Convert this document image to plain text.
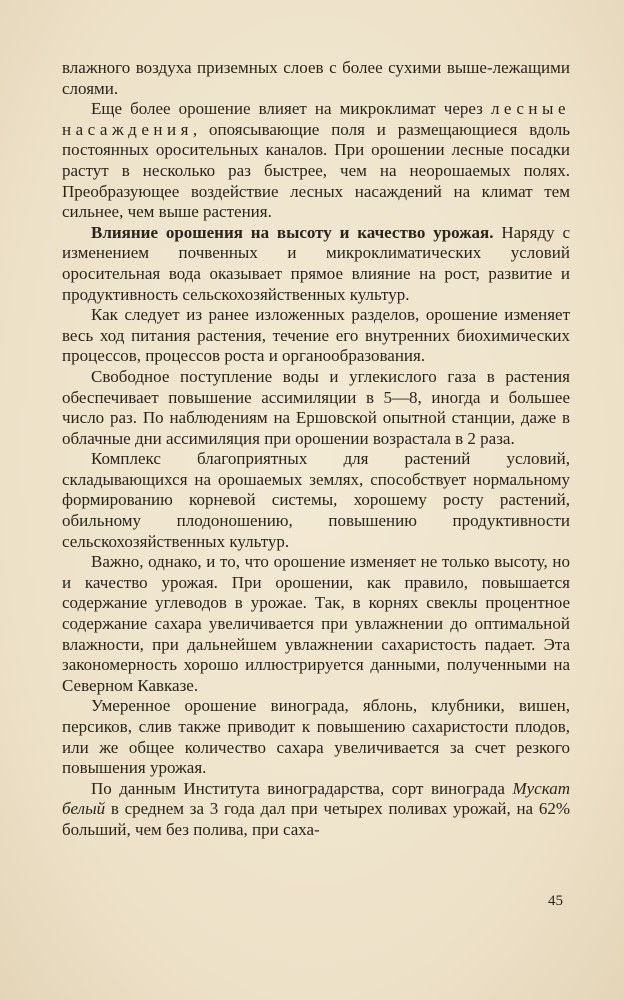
влажного воздуха приземных слоев с более сухими выше-лежащими слоями.

Еще более орошение влияет на микроклимат через лесные насаждения, опоясывающие поля и размещающиеся вдоль постоянных оросительных каналов. При орошении лесные посадки растут в несколько раз быстрее, чем на неорошаемых полях. Преобразующее воздействие лесных насаждений на климат тем сильнее, чем выше растения.

Влияние орошения на высоту и качество урожая. Наряду с изменением почвенных и микроклиматических условий оросительная вода оказывает прямое влияние на рост, развитие и продуктивность сельскохозяйственных культур.

Как следует из ранее изложенных разделов, орошение изменяет весь ход питания растения, течение его внутренних биохимических процессов, процессов роста и органообразования.

Свободное поступление воды и углекислого газа в растения обеспечивает повышение ассимиляции в 5—8, иногда и большее число раз. По наблюдениям на Ершовской опытной станции, даже в облачные дни ассимиляция при орошении возрастала в 2 раза.

Комплекс благоприятных для растений условий, складывающихся на орошаемых землях, способствует нормальному формированию корневой системы, хорошему росту растений, обильному плодоношению, повышению продуктивности сельскохозяйственных культур.

Важно, однако, и то, что орошение изменяет не только высоту, но и качество урожая. При орошении, как правило, повышается содержание углеводов в урожае. Так, в корнях свеклы процентное содержание сахара увеличивается при увлажнении до оптимальной влажности, при дальнейшем увлажнении сахаристость падает. Эта закономерность хорошо иллюстрируется данными, полученными на Северном Кавказе.

Умеренное орошение винограда, яблонь, клубники, вишен, персиков, слив также приводит к повышению сахаристости плодов, или же общее количество сахара увеличивается за счет резкого повышения урожая.

По данным Института виноградарства, сорт винограда Мускат белый в среднем за 3 года дал при четырех поливах урожай, на 62% больший, чем без полива, при саха-

45
